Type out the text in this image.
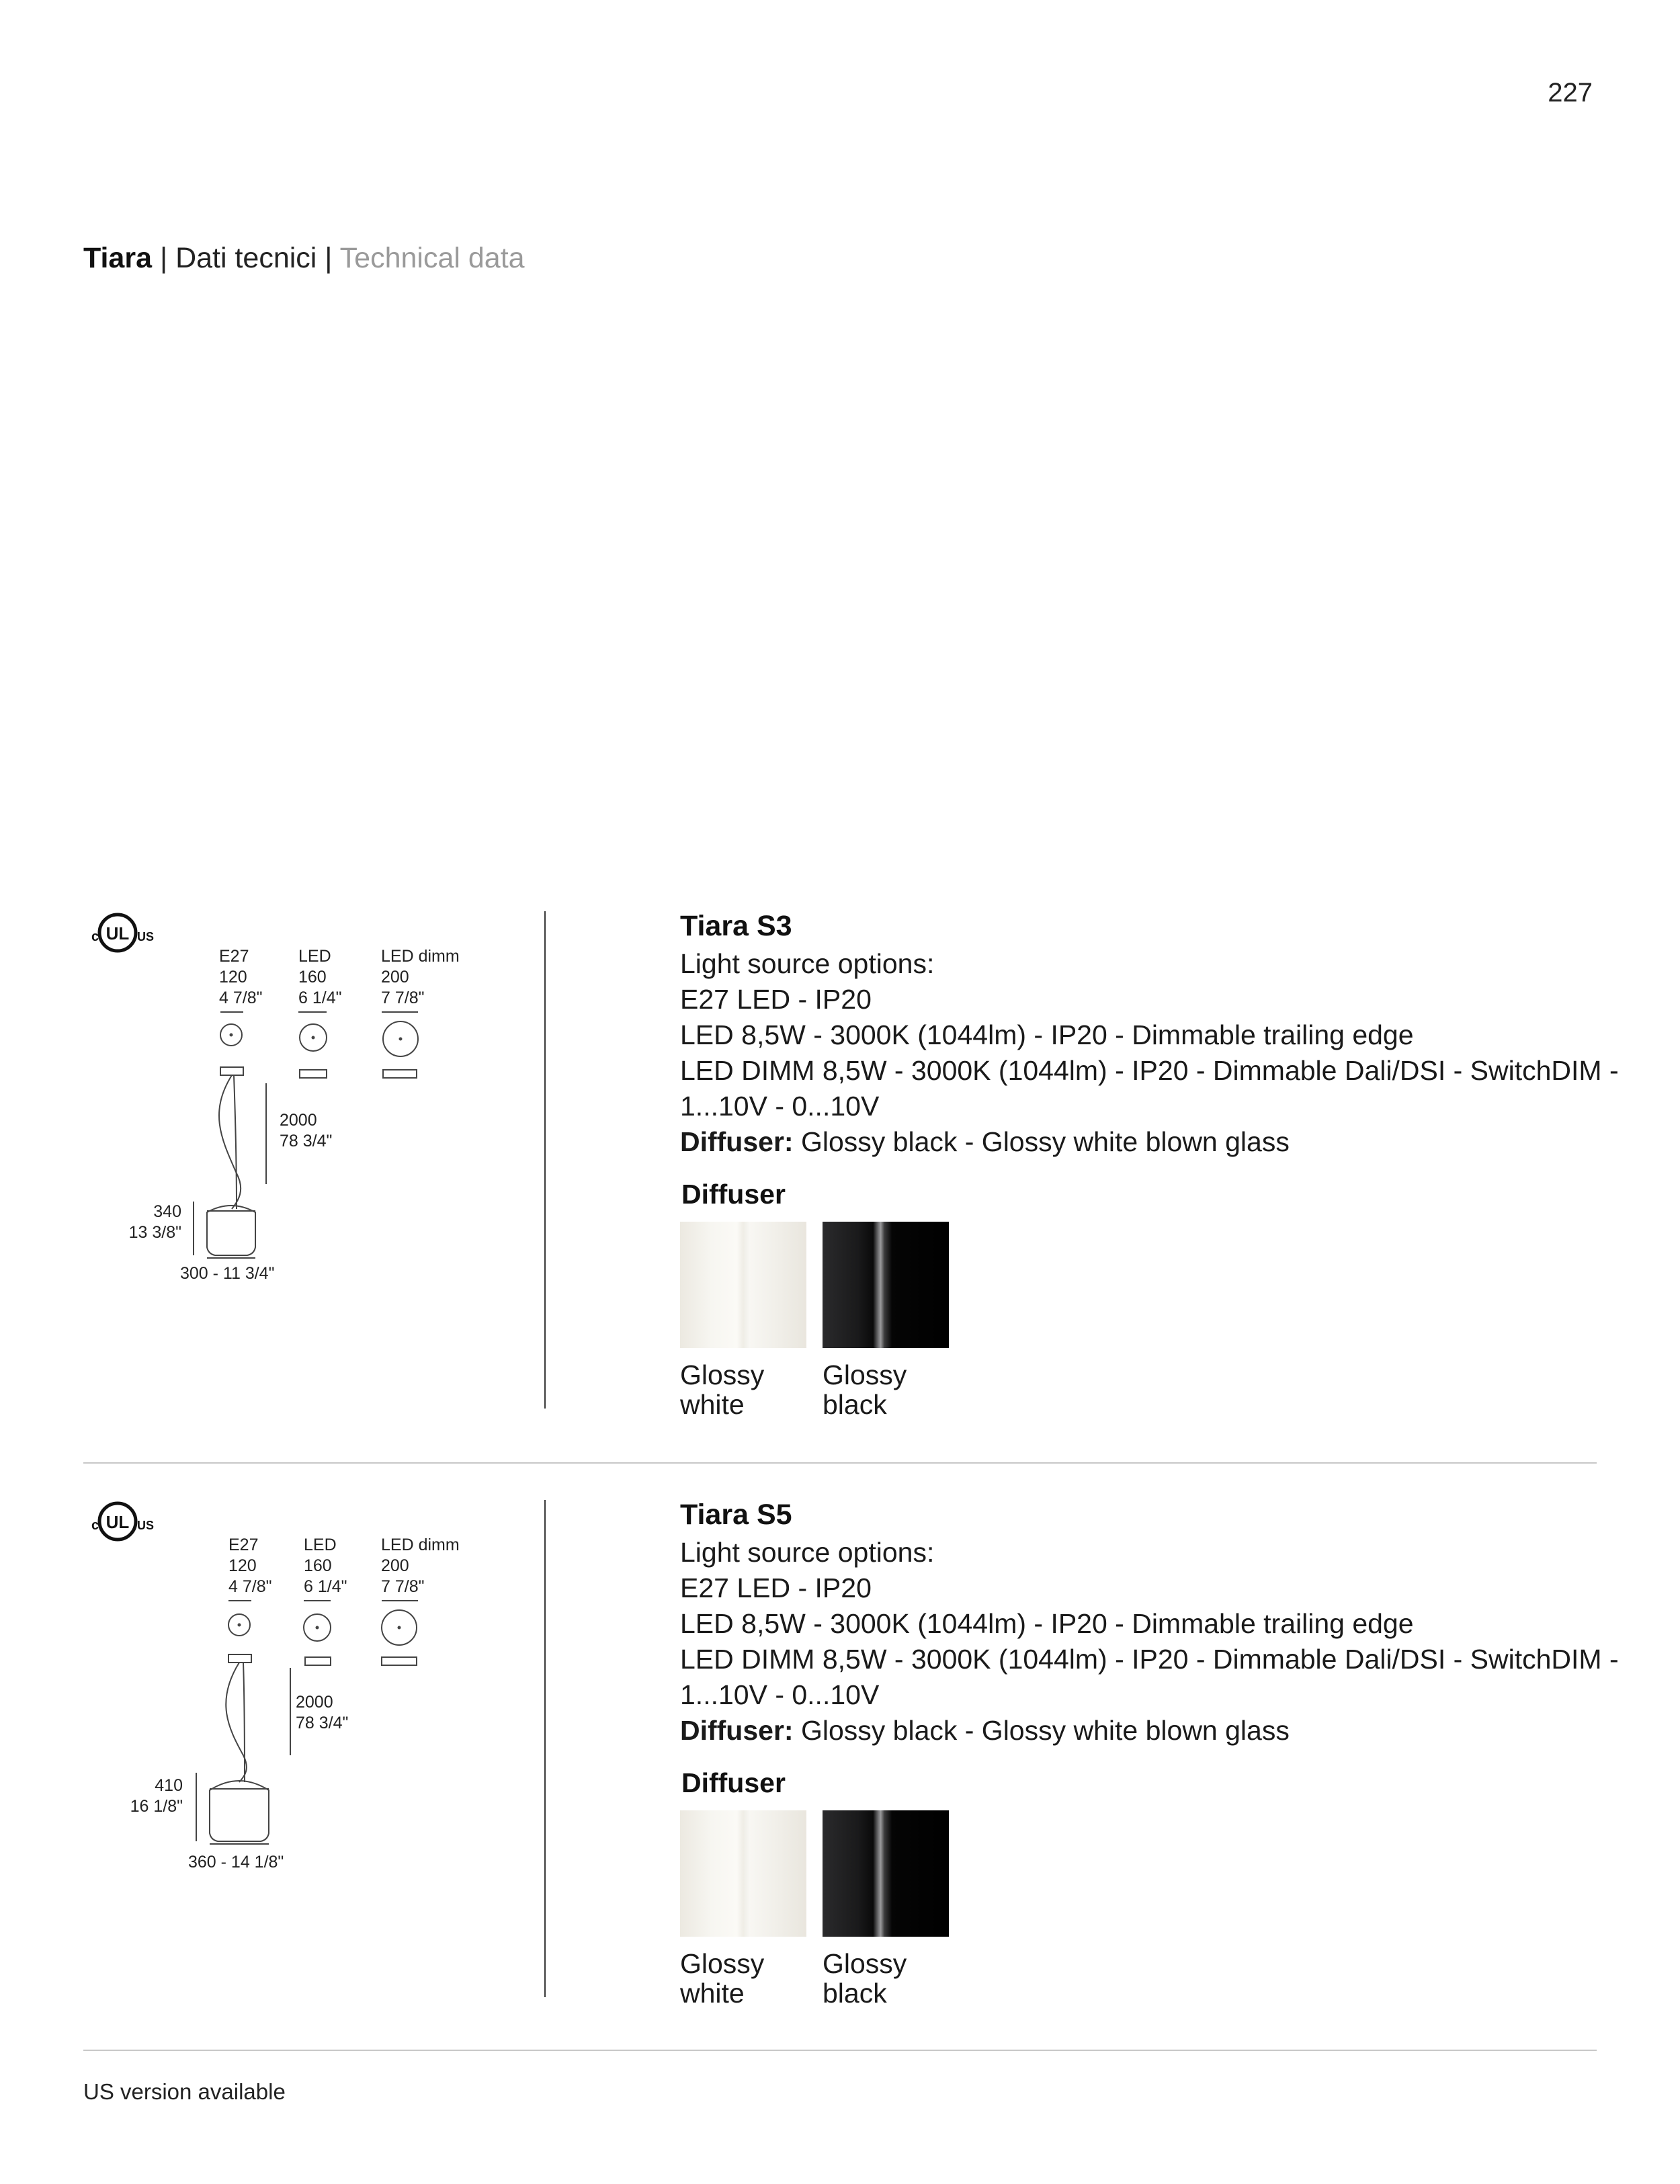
227
Tiara | Dati tecnici | Technical data
c UL US
E27
120
4 7/8"
LED
160
6 1/4"
LED dimm
200
7 7/8"
2000
78 3/4"
340
13 3/8"
300 - 11 3/4"
Tiara S3
Light source options:
E27 LED - IP20
LED 8,5W - 3000K (1044lm) - IP20 - Dimmable trailing edge
LED DIMM 8,5W - 3000K (1044lm) - IP20 - Dimmable Dali/DSI - SwitchDIM -
1...10V - 0...10V
Diffuser: Glossy black - Glossy white blown glass
Diffuser
Glossy
white
Glossy
black
c UL US
E27
120
4 7/8"
LED
160
6 1/4"
LED dimm
200
7 7/8"
2000
78 3/4"
410
16 1/8"
360 - 14 1/8"
Tiara S5
Light source options:
E27 LED - IP20
LED 8,5W - 3000K (1044lm) - IP20 - Dimmable trailing edge
LED DIMM 8,5W - 3000K (1044lm) - IP20 - Dimmable Dali/DSI - SwitchDIM -
1...10V - 0...10V
Diffuser: Glossy black - Glossy white blown glass
Diffuser
Glossy
white
Glossy
black
US version available
